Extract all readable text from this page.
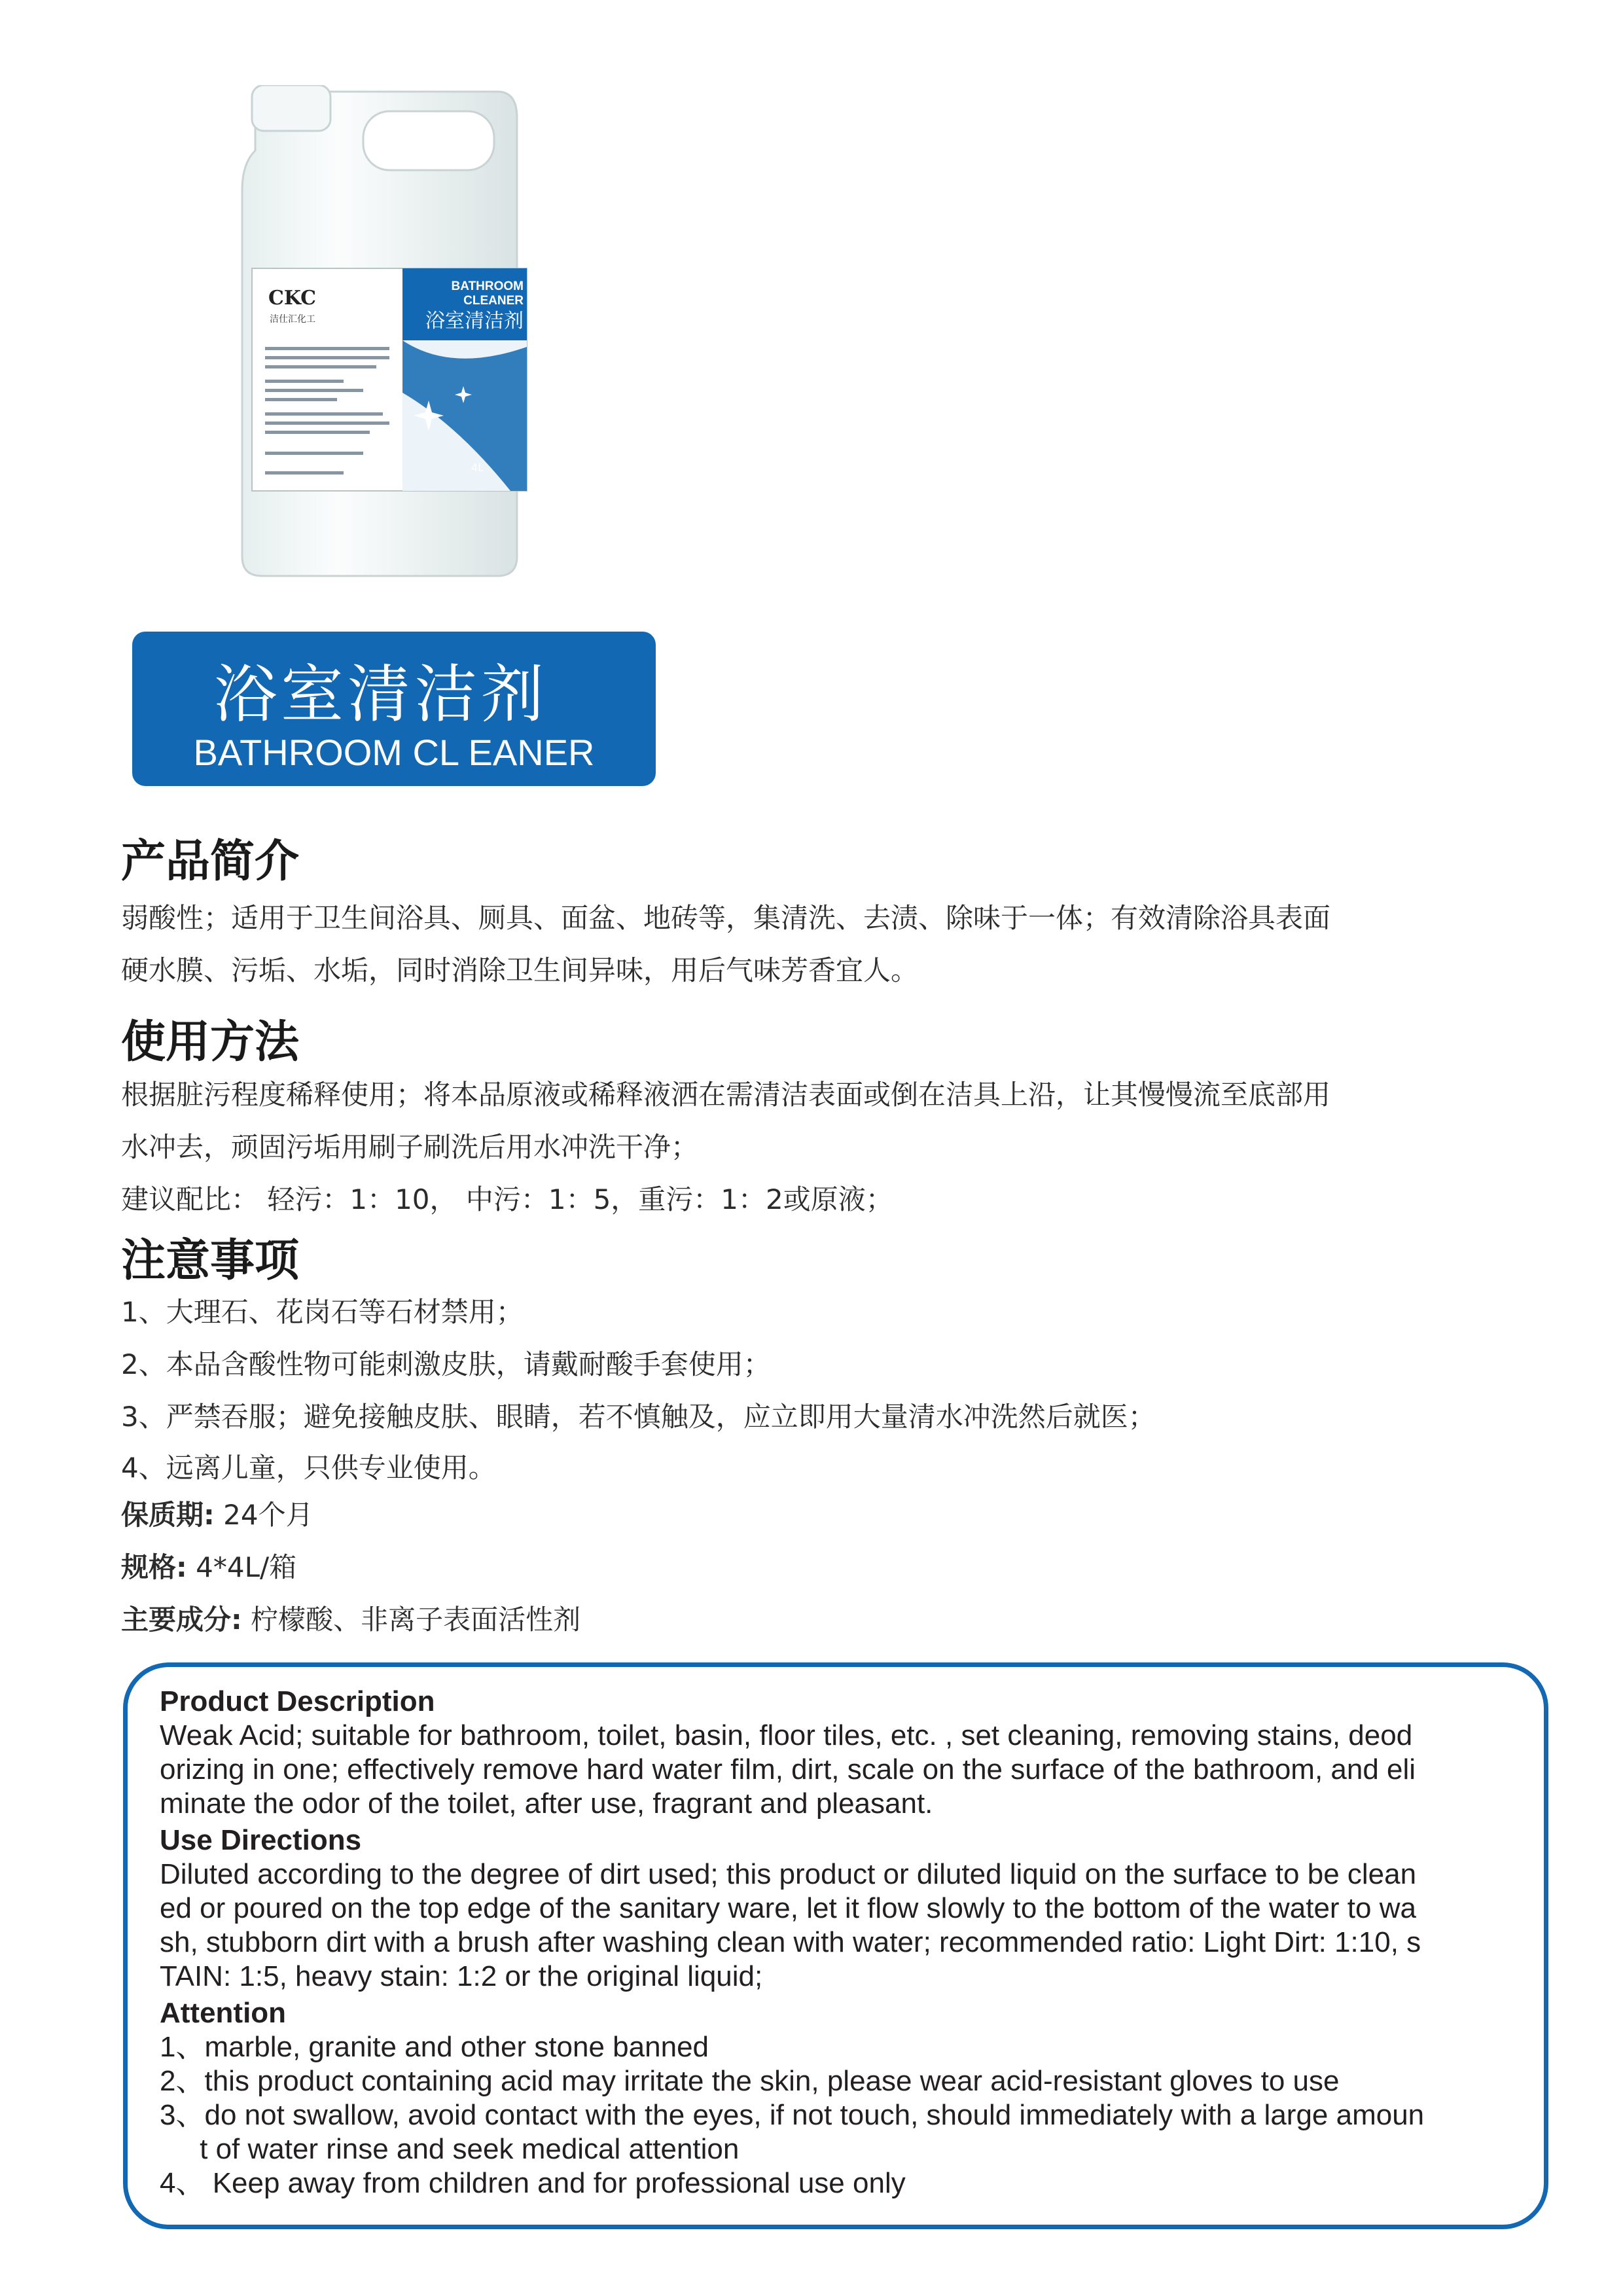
CKC
洁仕汇化工
BATHROOM
CLEANER
浴室清洁剂
4L
浴室清洁剂
BATHROOM CL EANER
产品简介
弱酸性；适用于卫生间浴具、厕具、面盆、地砖等，集清洗、去渍、除味于一体；有效清除浴具表面
硬水膜、污垢、水垢，同时消除卫生间异味，用后气味芳香宜人。
使用方法
根据脏污程度稀释使用；将本品原液或稀释液洒在需清洁表面或倒在洁具上沿，让其慢慢流至底部用
水冲去，顽固污垢用刷子刷洗后用水冲洗干净；
建议配比： 轻污：1：10， 中污：1：5，重污：1：2或原液；
注意事项
1、大理石、花岗石等石材禁用；
2、本品含酸性物可能刺激皮肤，请戴耐酸手套使用；
3、严禁吞服；避免接触皮肤、眼睛，若不慎触及，应立即用大量清水冲洗然后就医；
4、远离儿童，只供专业使用。
保质期: 24个月
规格: 4*4L/箱
主要成分: 柠檬酸、非离子表面活性剂
Product Description
Weak Acid; suitable for bathroom, toilet, basin, floor tiles, etc. , set cleaning, removing stains, deod
orizing in one; effectively remove hard water film, dirt, scale on the surface of the bathroom, and eli
minate the odor of the toilet, after use, fragrant and pleasant.
Use Directions
Diluted according to the degree of dirt used; this product or diluted liquid on the surface to be clean
ed or poured on the top edge of the sanitary ware, let it flow slowly to the bottom of the water to wa
sh, stubborn dirt with a brush after washing clean with water; recommended ratio: Light Dirt: 1:10, s
TAIN: 1:5, heavy stain: 1:2 or the original liquid;
Attention
1、marble, granite and other stone banned
2、this product containing acid may irritate the skin, please wear acid-resistant gloves to use
3、do not swallow, avoid contact with the eyes, if not touch, should immediately with a large amoun
t of water rinse and seek medical attention
4、 Keep away from children and for professional use only
